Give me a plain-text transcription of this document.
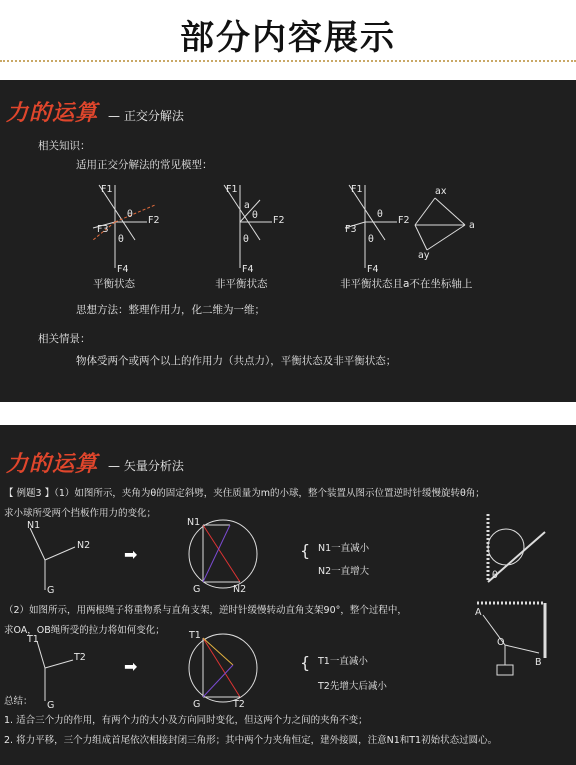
部分内容展示
力的运算 — 正交分解法
相关知识：
适用正交分解法的常见模型：
F1
F2
F3
F4
θ
θ
平衡状态
F1
F2
F4
a
θ
θ
非平衡状态
F1
F2
F3
F4
θ
θ
ax
ay
a
非平衡状态且a不在坐标轴上
思想方法：整理作用力，化二维为一维；
相关情景：
物体受两个或两个以上的作用力（共点力），平衡状态及非平衡状态；
力的运算 — 矢量分析法
【 例题3 】（1）如图所示，夹角为θ的固定斜劈，夹住质量为m的小球，整个装置从图示位置逆时针缓慢旋转θ角；
求小球所受两个挡板作用力的变化；
N1
N2
G
➡
N1
N2
G
{ N1一直减小
N2一直增大	θ
（2）如图所示，用两根绳子将重物系与直角支架，逆时针缓慢转动直角支架90°，整个过程中，
求OA，OB绳所受的拉力将如何变化；
T1
T2
G
➡
T1
T2
G
{ T1一直减小
T2先增大后减小
A
O
B
总结：
1. 适合三个力的作用，有两个力的大小及方向同时变化，但这两个力之间的夹角不变；
2. 将力平移，三个力组成首尾依次相接封闭三角形；其中两个力夹角恒定，建外接圆，注意N1和T1初始状态过圆心。
